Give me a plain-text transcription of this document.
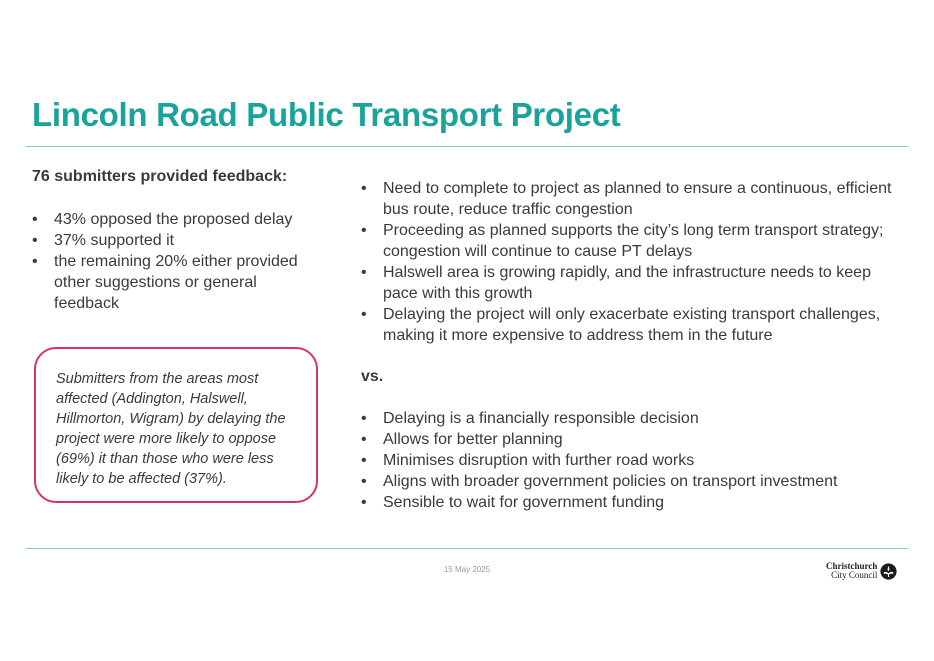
Lincoln Road Public Transport Project
76 submitters provided feedback:
• 43% opposed the proposed delay
• 37% supported it
• the remaining 20% either provided other suggestions or general feedback
Submitters from the areas most affected (Addington, Halswell, Hillmorton, Wigram) by delaying the project were more likely to oppose (69%) it than those who were less likely to be affected (37%).
• Need to complete to project as planned to ensure a continuous, efficient bus route, reduce traffic congestion
• Proceeding as planned supports the city’s long term transport strategy; congestion will continue to cause PT delays
• Halswell area is growing rapidly, and the infrastructure needs to keep pace with this growth
• Delaying the project will only exacerbate existing transport challenges, making it more expensive to address them in the future
vs.
• Delaying is a financially responsible decision
• Allows for better planning
• Minimises disruption with further road works
• Aligns with broader government policies on transport investment
• Sensible to wait for government funding
15 May 2025	Christchurch
City Council
